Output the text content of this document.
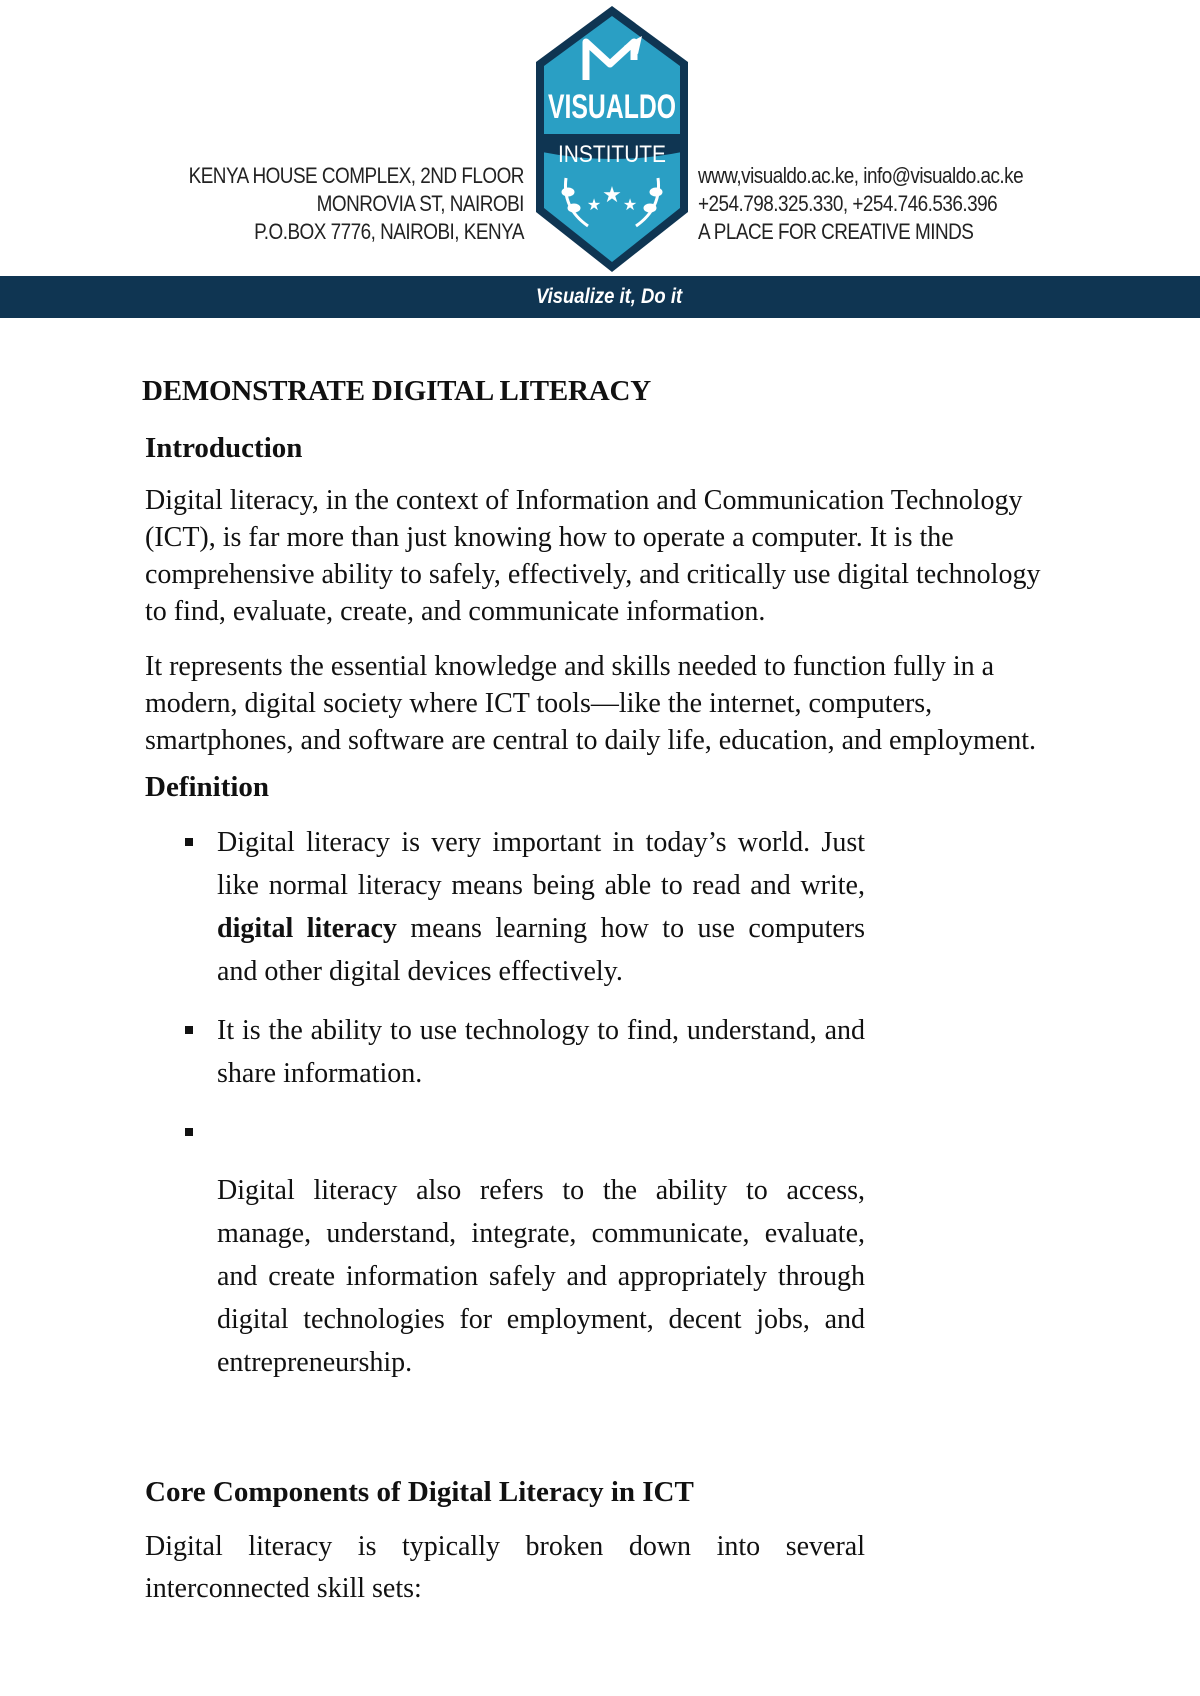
KENYA HOUSE COMPLEX, 2ND FLOOR
MONROVIA ST, NAIROBI
P.O.BOX 7776, NAIROBI, KENYA
VISUALDO
INSTITUTE
★ ★ ★
www,visualdo.ac.ke, info@visualdo.ac.ke
+254.798.325.330, +254.746.536.396
A PLACE FOR CREATIVE MINDS
Visualize it, Do it
DEMONSTRATE DIGITAL LITERACY
Introduction

Digital literacy, in the context of Information and Communication Technology (ICT), is far more than just knowing how to operate a computer. It is the comprehensive ability to safely, effectively, and critically use digital technology to find, evaluate, create, and communicate information.

It represents the essential knowledge and skills needed to function fully in a modern, digital society where ICT tools—like the internet, computers, smartphones, and software are central to daily life, education, and employment.

Definition
Digital literacy is very important in today’s world. Just like normal literacy means being able to read and write, digital literacy means learning how to use computers and other digital devices effectively.
It is the ability to use technology to find, understand, and share information.
Digital literacy also refers to the ability to access, manage, understand, integrate, communicate, evaluate, and create information safely and appropriately through digital technologies for employment, decent jobs, and entrepreneurship.
Core Components of Digital Literacy in ICT

Digital literacy is typically broken down into several interconnected skill sets:
